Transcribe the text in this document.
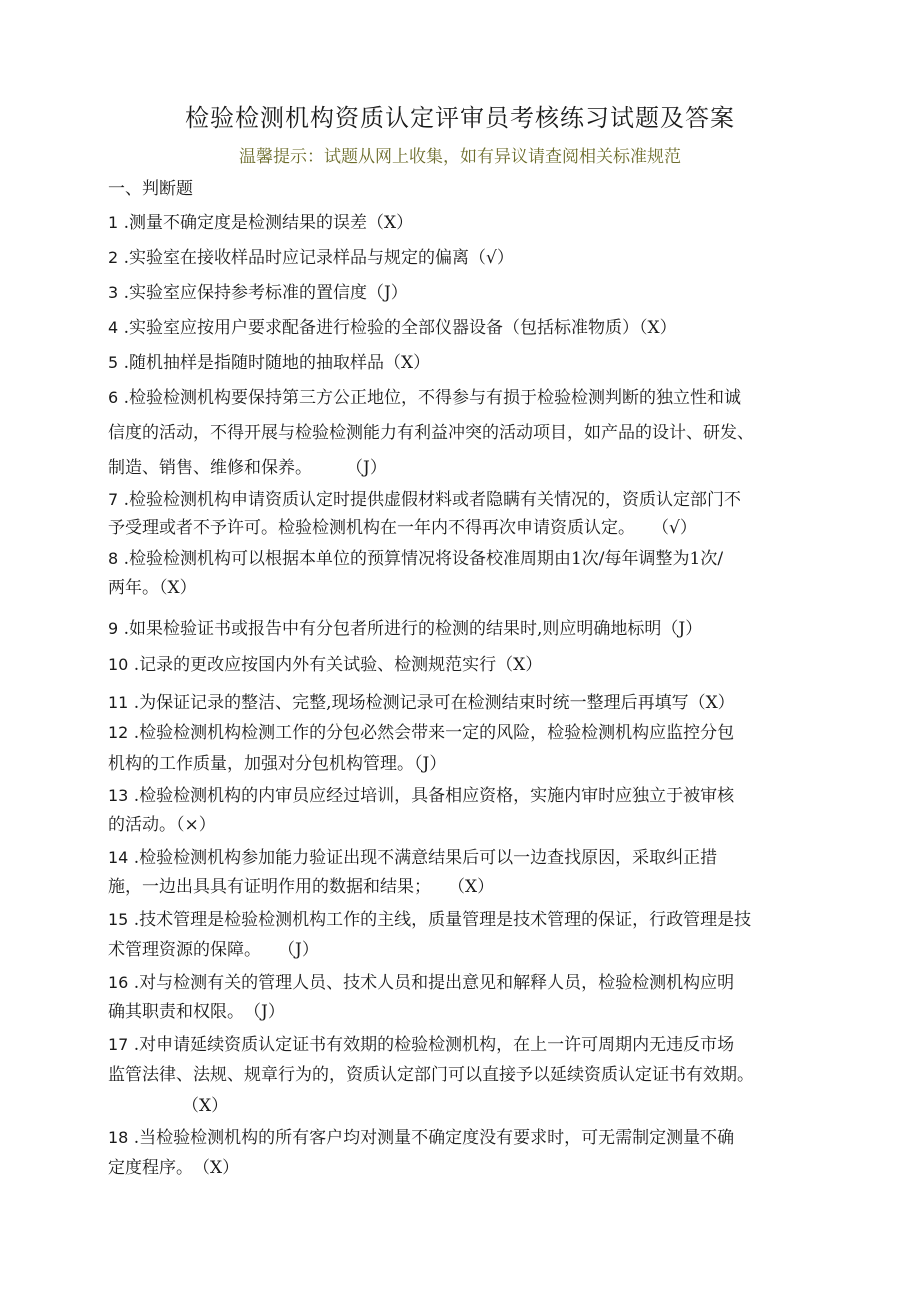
检验检测机构资质认定评审员考核练习试题及答案
温馨提示：试题从网上收集，如有异议请查阅相关标准规范
一、判断题
1 .测量不确定度是检测结果的误差（X）
2 .实验室在接收样品时应记录样品与规定的偏离（√）
3 .实验室应保持参考标准的置信度（J）
4 .实验室应按用户要求配备进行检验的全部仪器设备（包括标准物质）（X）
5 .随机抽样是指随时随地的抽取样品（X）
6 .检验检测机构要保持第三方公正地位，不得参与有损于检验检测判断的独立性和诚
信度的活动，不得开展与检验检测能力有利益冲突的活动项目，如产品的设计、研发、
制造、销售、维修和保养。　　　（J）
7 .检验检测机构申请资质认定时提供虚假材料或者隐瞒有关情况的，资质认定部门不
予受理或者不予许可。检验检测机构在一年内不得再次申请资质认定。　　（√）
8 .检验检测机构可以根据本单位的预算情况将设备校准周期由1次/每年调整为1次/
两年。（X）
9 .如果检验证书或报告中有分包者所进行的检测的结果时,则应明确地标明（J）
10 .记录的更改应按国内外有关试验、检测规范实行（X）
11 .为保证记录的整洁、完整,现场检测记录可在检测结束时统一整理后再填写（X）
12 .检验检测机构检测工作的分包必然会带来一定的风险，检验检测机构应监控分包
机构的工作质量，加强对分包机构管理。（J）
13 .检验检测机构的内审员应经过培训，具备相应资格，实施内审时应独立于被审核
的活动。（×）
14 .检验检测机构参加能力验证出现不满意结果后可以一边查找原因，采取纠正措
施，一边出具具有证明作用的数据和结果；　　（X）
15 .技术管理是检验检测机构工作的主线，质量管理是技术管理的保证，行政管理是技
术管理资源的保障。　　（J）
16 .对与检测有关的管理人员、技术人员和提出意见和解释人员，检验检测机构应明
确其职责和权限。　（J）
17 .对申请延续资质认定证书有效期的检验检测机构，在上一许可周期内无违反市场
监管法律、法规、规章行为的，资质认定部门可以直接予以延续资质认定证书有效期。
（X）
18 .当检验检测机构的所有客户均对测量不确定度没有要求时，可无需制定测量不确
定度程序。　（X）
